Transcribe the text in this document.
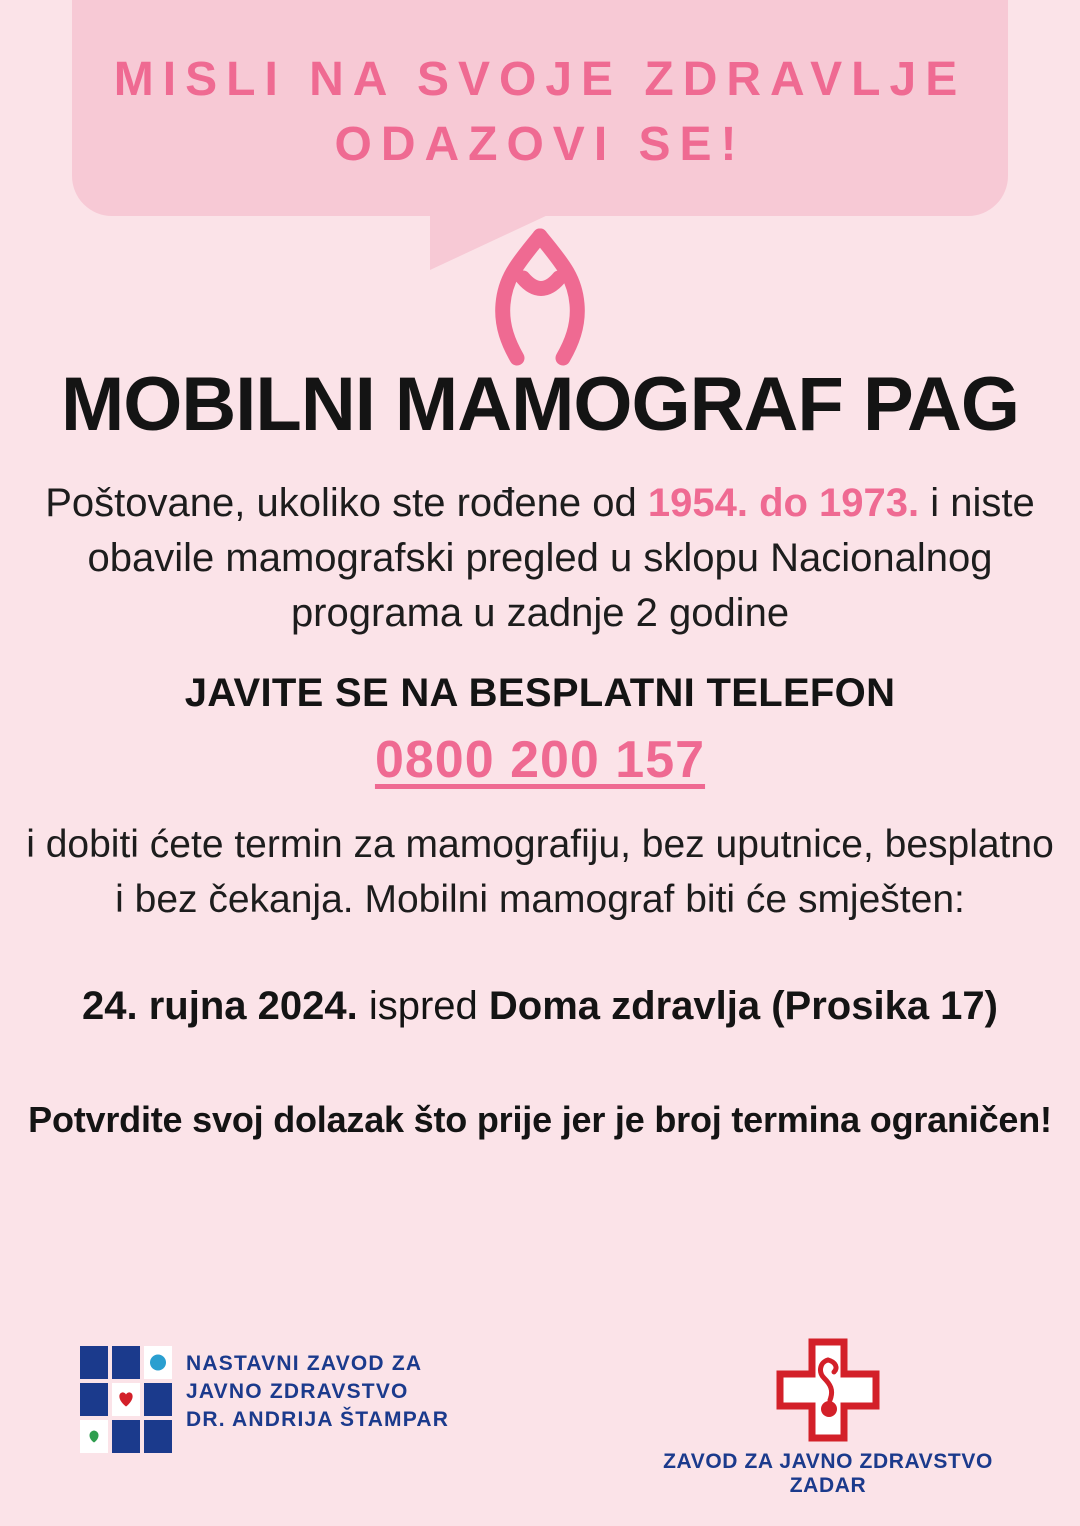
MISLI NA SVOJE ZDRAVLJE
ODAZOVI SE!
MOBILNI MAMOGRAF PAG
Poštovane, ukoliko ste rođene od 1954. do 1973. i niste obavile mamografski pregled u sklopu Nacionalnog programa u zadnje 2 godine
JAVITE SE NA BESPLATNI TELEFON
0800 200 157
i dobiti ćete termin za mamografiju, bez uputnice, besplatno i bez čekanja. Mobilni mamograf biti će smješten:
24. rujna 2024. ispred Doma zdravlja (Prosika 17)
Potvrdite svoj dolazak što prije jer je broj termina ograničen!
NASTAVNI ZAVOD ZA
JAVNO ZDRAVSTVO
DR. ANDRIJA ŠTAMPAR
ZAVOD ZA JAVNO ZDRAVSTVO ZADAR
